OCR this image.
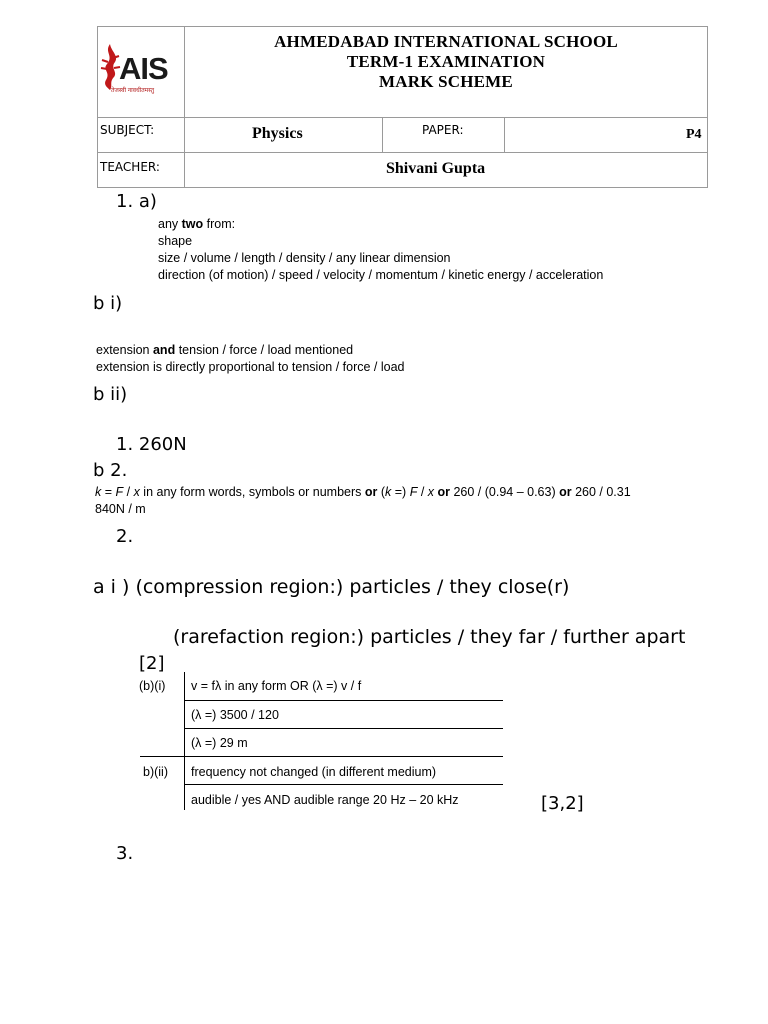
AIS
तेजस्वी नावधीतमस्तु
AHMEDABAD INTERNATIONAL SCHOOL
TERM-1 EXAMINATION
MARK SCHEME
SUBJECT:	Physics	PAPER:	P4
TEACHER:	Shivani Gupta
1. a)
any two from:
shape
size / volume / length / density / any linear dimension
direction (of motion) / speed / velocity / momentum / kinetic energy / acceleration
b i)
extension and tension / force / load mentioned
extension is directly proportional to tension / force / load
b ii)
1. 260N
b 2.
k = F / x in any form words, symbols or numbers or (k =) F / x or 260 / (0.94 – 0.63) or 260 / 0.31
840N / m
2.
a i ) (compression region:) particles / they close(r)
(rarefaction region:) particles / they far / further apart
[2]
(b)(i) v = fλ in any form OR (λ =) v / f
(λ =) 3500 / 120
(λ =) 29 m
b)(ii) frequency not changed (in different medium)
audible / yes AND audible range 20 Hz – 20 kHz	[3,2]
3.
